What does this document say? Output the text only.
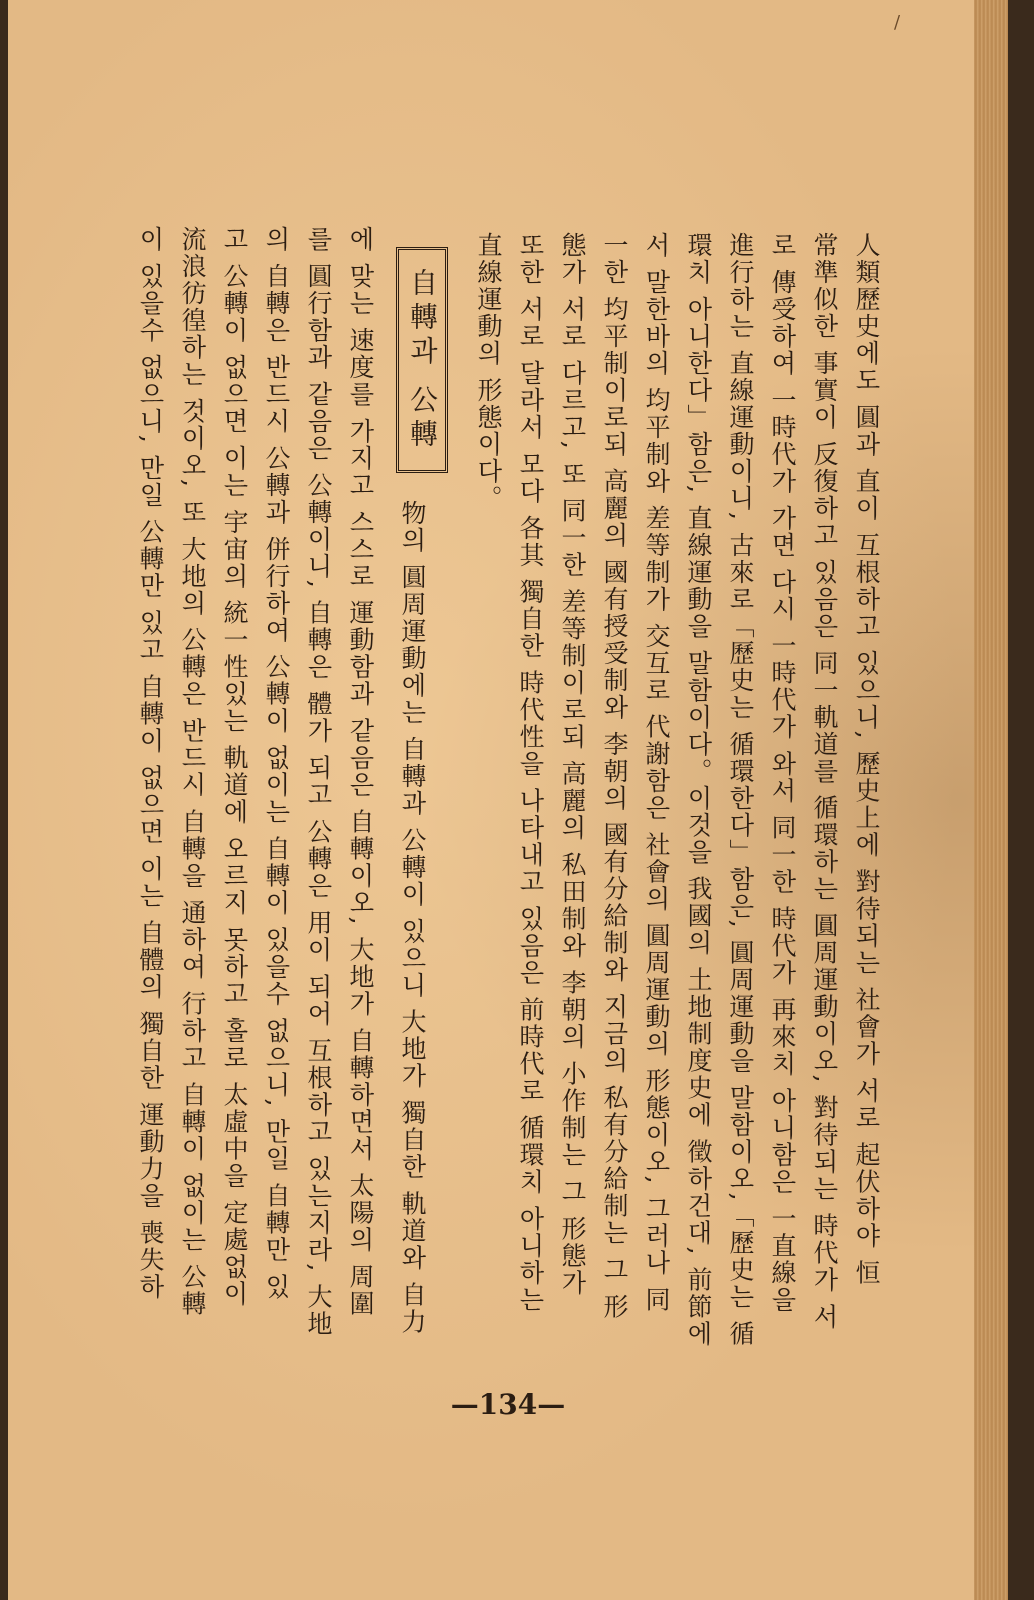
/
人類歷史에도 圓과 直이 互根하고 있으니, 歷史上에 對待되는 社會가 서로 起伏하야 恒
常準似한 事實이 反復하고 있음은 同一軌道를 循環하는 圓周運動이오, 對待되는 時代가 서
로 傳受하여 一時代가 가면 다시 一時代가 와서 同一한 時代가 再來치 아니함은 一直線을
進行하는 直線運動이니, 古來로「歷史는 循環한다」함은, 圓周運動을 말함이오,「歷史는 循
環치 아니한다」함은, 直線運動을 말함이다。이것을 我國의 土地制度史에 徵하건대, 前節에
서 말한바의 均平制와 差等制가 交互로 代謝함은 社會의 圓周運動의 形態이오, 그러나 同
一한 均平制이로되 高麗의 國有授受制와 李朝의 國有分給制와 지금의 私有分給制는 그 形
態가 서로 다르고, 또 同一한 差等制이로되 高麗의 私田制와 李朝의 小作制는 그 形態가
또한 서로 달라서 모다 各其 獨自한 時代性을 나타내고 있음은 前時代로 循環치 아니하는
直線運動의 形態이다。
自轉과 公轉
物의 圓周運動에는 自轉과 公轉이 있으니 大地가 獨自한 軌道와 自力
에 맞는 速度를 가지고 스스로 運動함과 같음은 自轉이오, 大地가 自轉하면서 太陽의 周圍
를 圓行함과 같음은 公轉이니, 自轉은 體가 되고 公轉은 用이 되어 互根하고 있는지라, 大地
의 自轉은 반드시 公轉과 併行하여 公轉이 없이는 自轉이 있을수 없으니, 만일 自轉만 있
고 公轉이 없으면 이는 宇宙의 統一性있는 軌道에 오르지 못하고 홀로 太虛中을 定處없이
流浪彷徨하는 것이오, 또 大地의 公轉은 반드시 自轉을 通하여 行하고 自轉이 없이는 公轉
이 있을수 없으니, 만일 公轉만 있고 自轉이 없으면 이는 自體의 獨自한 運動力을 喪失하
—134—
